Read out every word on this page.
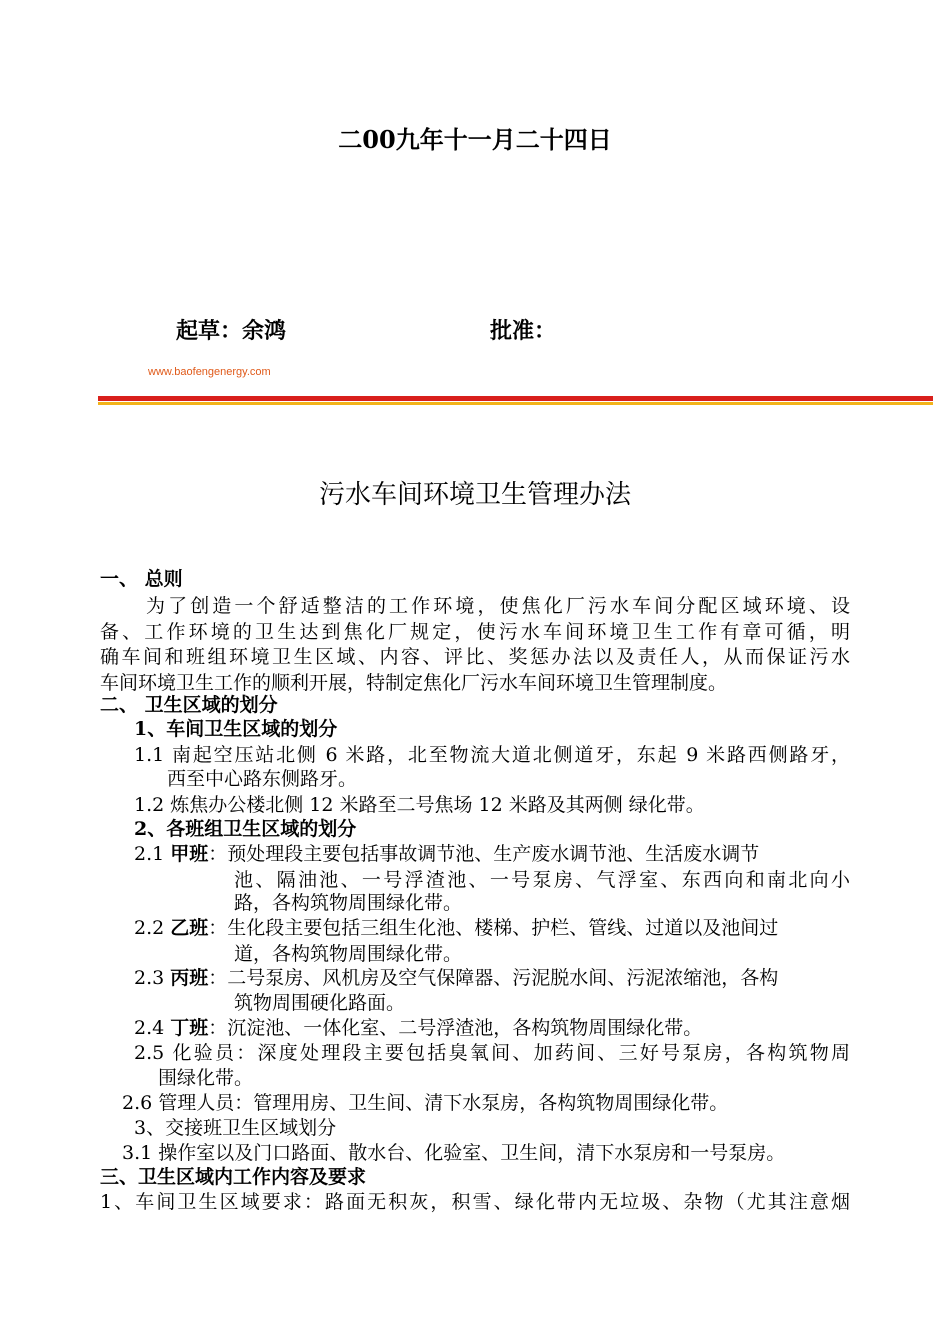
二00九年十一月二十四日
起草：余鸿	批准：
www.baofengenergy.com
污水车间环境卫生管理办法
一、 总则
为了创造一个舒适整洁的工作环境，使焦化厂污水车间分配区域环境、设
备、工作环境的卫生达到焦化厂规定，使污水车间环境卫生工作有章可循，明
确车间和班组环境卫生区域、内容、评比、奖惩办法以及责任人，从而保证污水
车间环境卫生工作的顺利开展，特制定焦化厂污水车间环境卫生管理制度。
二、 卫生区域的划分
1、车间卫生区域的划分
1.1 南起空压站北侧 6 米路，北至物流大道北侧道牙，东起 9 米路西侧路牙，
西至中心路东侧路牙。
1.2 炼焦办公楼北侧 12 米路至二号焦场 12 米路及其两侧 绿化带。
2、各班组卫生区域的划分
2.1 甲班：预处理段主要包括事故调节池、生产废水调节池、生活废水调节
池、隔油池、一号浮渣池、一号泵房、气浮室、东西向和南北向小
路，各构筑物周围绿化带。
2.2 乙班：生化段主要包括三组生化池、楼梯、护栏、管线、过道以及池间过
道，各构筑物周围绿化带。
2.3 丙班：二号泵房、风机房及空气保障器、污泥脱水间、污泥浓缩池，各构
筑物周围硬化路面。
2.4 丁班：沉淀池、一体化室、二号浮渣池，各构筑物周围绿化带。
2.5 化验员：深度处理段主要包括臭氧间、加药间、三好号泵房，各构筑物周
围绿化带。
2.6 管理人员：管理用房、卫生间、清下水泵房，各构筑物周围绿化带。
3、交接班卫生区域划分
3.1 操作室以及门口路面、散水台、化验室、卫生间，清下水泵房和一号泵房。
三、卫生区域内工作内容及要求
1、车间卫生区域要求：路面无积灰，积雪、绿化带内无垃圾、杂物（尤其注意烟
